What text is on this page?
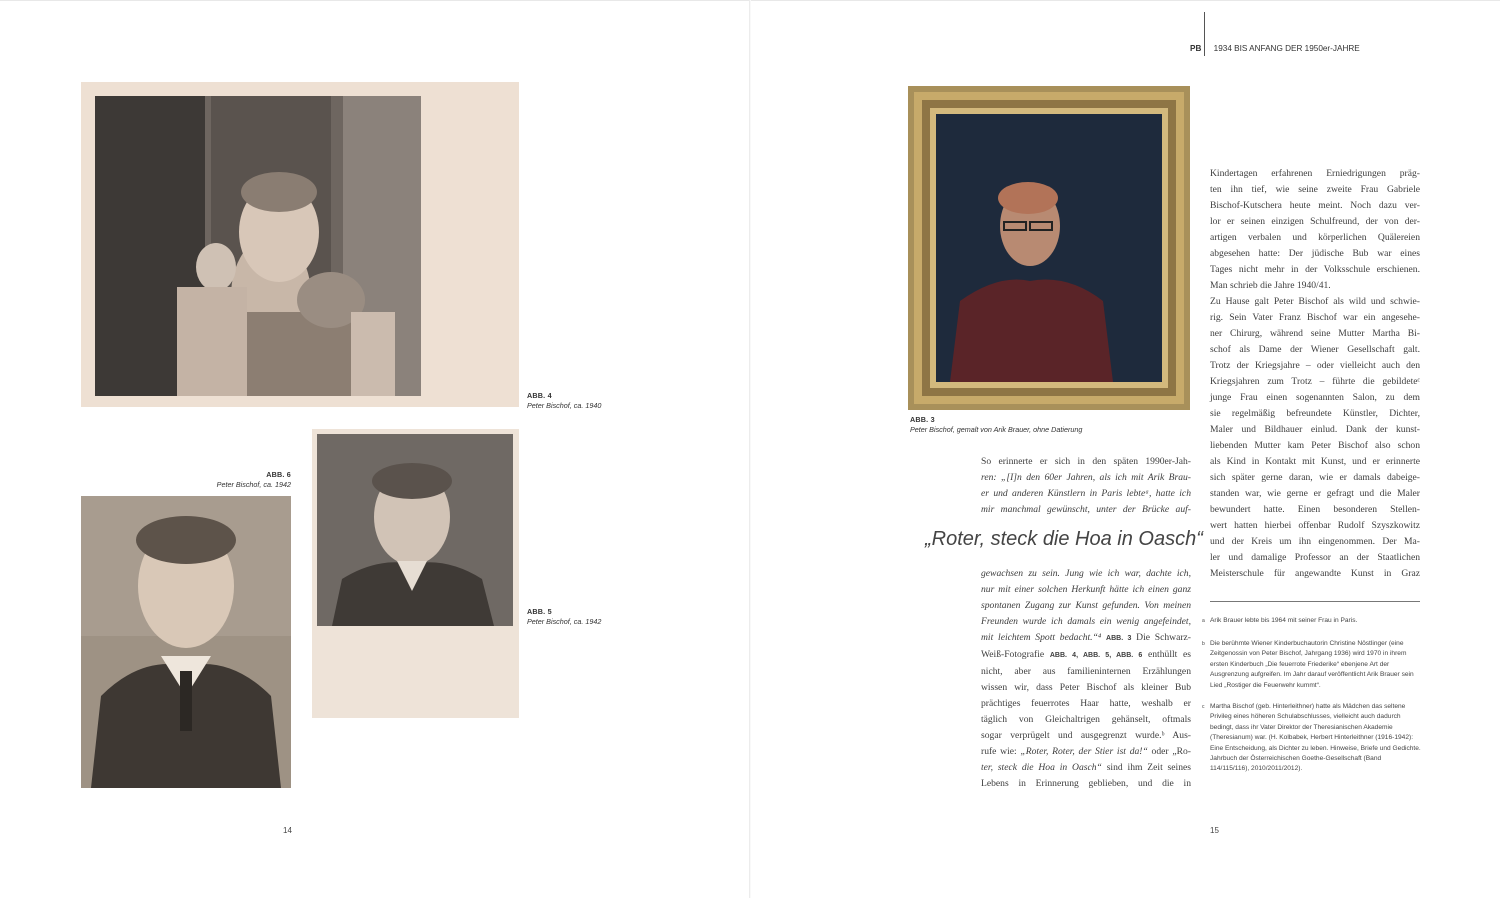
ABB. 4
Peter Bischof, ca. 1940
ABB. 6
Peter Bischof, ca. 1942
ABB. 5
Peter Bischof, ca. 1942
14
PB 1934 BIS ANFANG DER 1950er-JAHRE
ABB. 3
Peter Bischof, gemalt von Arik Brauer, ohne Datierung
So erinnerte er sich in den späten 1990er-Jah-
ren: „[I]n den 60er Jahren, als ich mit Arik Brau-
er und anderen Künstlern in Paris lebteᵃ, hatte ich
mir manchmal gewünscht, unter der Brücke auf-
„Roter, steck die Hoa in Oasch“
gewachsen zu sein. Jung wie ich war, dachte ich,
nur mit einer solchen Herkunft hätte ich einen ganz
spontanen Zugang zur Kunst gefunden. Von meinen
Freunden wurde ich damals ein wenig angefeindet,
mit leichtem Spott bedacht.“⁴ ABB. 3 Die Schwarz-
Weiß-Fotografie ABB. 4, ABB. 5, ABB. 6 enthüllt es
nicht, aber aus familieninternen Erzählungen
wissen wir, dass Peter Bischof als kleiner Bub
prächtiges feuerrotes Haar hatte, weshalb er
täglich von Gleichaltrigen gehänselt, oftmals
sogar verprügelt und ausgegrenzt wurde.ᵇ Aus-
rufe wie: „Roter, Roter, der Stier ist da!“ oder „Ro-
ter, steck die Hoa in Oasch“ sind ihm Zeit seines
Lebens in Erinnerung geblieben, und die in
Kindertagen erfahrenen Erniedrigungen präg-
ten ihn tief, wie seine zweite Frau Gabriele
Bischof-Kutschera heute meint. Noch dazu ver-
lor er seinen einzigen Schulfreund, der von der-
artigen verbalen und körperlichen Quälereien
abgesehen hatte: Der jüdische Bub war eines
Tages nicht mehr in der Volksschule erschienen.
Man schrieb die Jahre 1940/41.
Zu Hause galt Peter Bischof als wild und schwie-
rig. Sein Vater Franz Bischof war ein angesehe-
ner Chirurg, während seine Mutter Martha Bi-
schof als Dame der Wiener Gesellschaft galt.
Trotz der Kriegsjahre – oder vielleicht auch den
Kriegsjahren zum Trotz – führte die gebildeteᶜ
junge Frau einen sogenannten Salon, zu dem
sie regelmäßig befreundete Künstler, Dichter,
Maler und Bildhauer einlud. Dank der kunst-
liebenden Mutter kam Peter Bischof also schon
als Kind in Kontakt mit Kunst, und er erinnerte
sich später gerne daran, wie er damals dabeige-
standen war, wie gerne er gefragt und die Maler
bewundert hatte. Einen besonderen Stellen-
wert hatten hierbei offenbar Rudolf Szyszkowitz
und der Kreis um ihn eingenommen. Der Ma-
ler und damalige Professor an der Staatlichen
Meisterschule für angewandte Kunst in Graz
a Arik Brauer lebte bis 1964 mit seiner Frau in Paris.
b Die berühmte Wiener Kinderbuchautorin Christine Nöstlinger (eine Zeitgenossin von Peter Bischof, Jahrgang 1936) wird 1970 in ihrem ersten Kinderbuch „Die feuerrote Friederike“ ebenjene Art der Ausgrenzung aufgreifen. Im Jahr darauf veröffentlicht Arik Brauer sein Lied „Rostiger die Feuerwehr kummt“.
c Martha Bischof (geb. Hinterleithner) hatte als Mädchen das seltene Privileg eines höheren Schulabschlusses, vielleicht auch dadurch bedingt, dass ihr Vater Direktor der Theresianischen Akademie (Theresianum) war. (H. Kolbabek, Herbert Hinterleithner (1916-1942): Eine Entscheidung, als Dichter zu leben. Hinweise, Briefe und Gedichte. Jahrbuch der Österreichischen Goethe-Gesellschaft (Band 114/115/116), 2010/2011/2012).
15
